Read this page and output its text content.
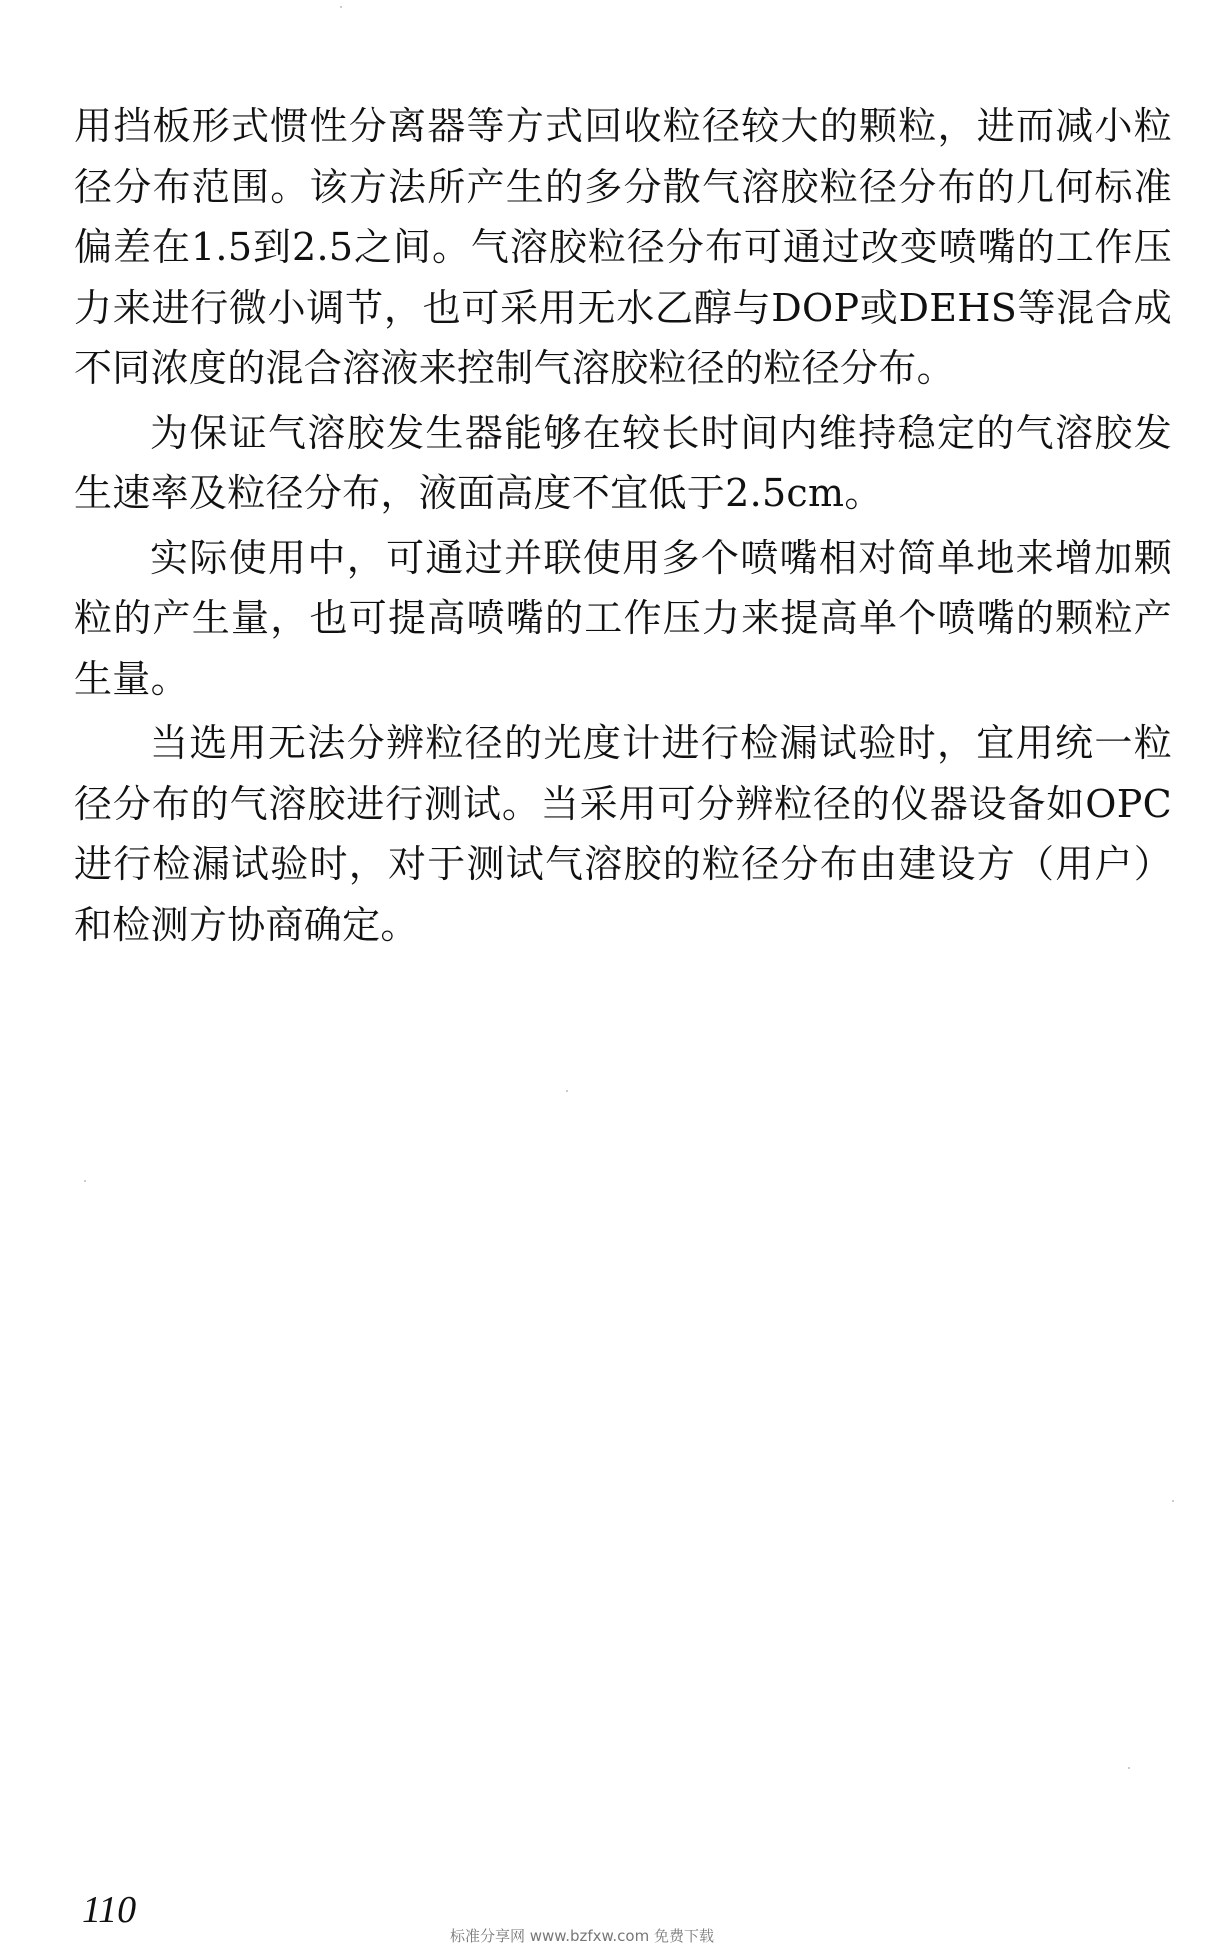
用挡板形式惯性分离器等方式回收粒径较大的颗粒，进而减小粒径分布范围。该方法所产生的多分散气溶胶粒径分布的几何标准偏差在1.5到2.5之间。气溶胶粒径分布可通过改变喷嘴的工作压力来进行微小调节，也可采用无水乙醇与DOP或DEHS等混合成不同浓度的混合溶液来控制气溶胶粒径的粒径分布。

为保证气溶胶发生器能够在较长时间内维持稳定的气溶胶发生速率及粒径分布，液面高度不宜低于2.5cm。

实际使用中，可通过并联使用多个喷嘴相对简单地来增加颗粒的产生量，也可提高喷嘴的工作压力来提高单个喷嘴的颗粒产生量。

当选用无法分辨粒径的光度计进行检漏试验时，宜用统一粒径分布的气溶胶进行测试。当采用可分辨粒径的仪器设备如OPC进行检漏试验时，对于测试气溶胶的粒径分布由建设方（用户）和检测方协商确定。

110
标准分享网 www.bzfxw.com 免费下载
